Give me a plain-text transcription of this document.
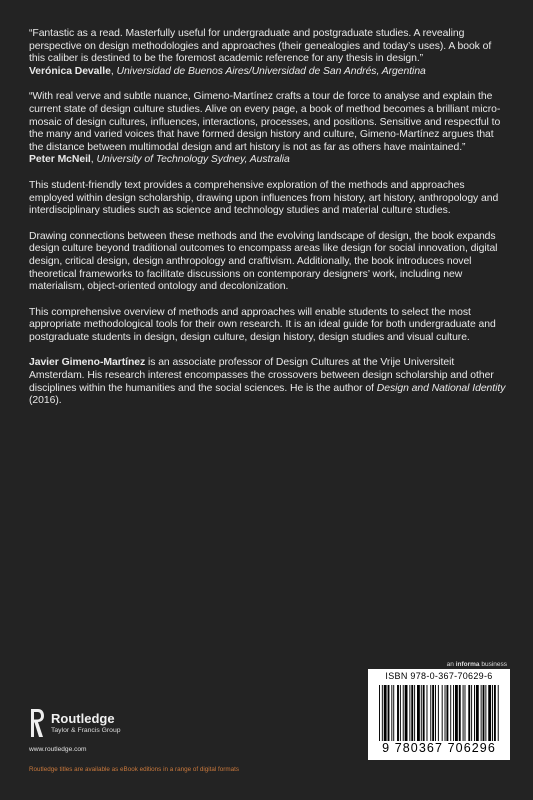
“Fantastic as a read. Masterfully useful for undergraduate and postgraduate studies. A revealing perspective on design methodologies and approaches (their genealogies and today’s uses). A book of this caliber is destined to be the foremost academic reference for any thesis in design.”
Verónica Devalle, Universidad de Buenos Aires/Universidad de San Andrés, Argentina

“With real verve and subtle nuance, Gimeno-Martínez crafts a tour de force to analyse and explain the current state of design culture studies. Alive on every page, a book of method becomes a brilliant micro-mosaic of design cultures, influences, interactions, processes, and positions. Sensitive and respectful to the many and varied voices that have formed design history and culture, Gimeno-Martínez argues that the distance between multimodal design and art history is not as far as others have maintained.”
Peter McNeil, University of Technology Sydney, Australia

This student-friendly text provides a comprehensive exploration of the methods and approaches employed within design scholarship, drawing upon influences from history, art history, anthropology and interdisciplinary studies such as science and technology studies and material culture studies.

Drawing connections between these methods and the evolving landscape of design, the book expands design culture beyond traditional outcomes to encompass areas like design for social innovation, digital design, critical design, design anthropology and craftivism. Additionally, the book introduces novel theoretical frameworks to facilitate discussions on contemporary designers’ work, including new materialism, object-oriented ontology and decolonization.

This comprehensive overview of methods and approaches will enable students to select the most appropriate methodological tools for their own research. It is an ideal guide for both undergraduate and postgraduate students in design, design culture, design history, design studies and visual culture.

Javier Gimeno-Martínez is an associate professor of Design Cultures at the Vrije Universiteit Amsterdam. His research interest encompasses the crossovers between design scholarship and other disciplines within the humanities and the social sciences. He is the author of Design and National Identity (2016).

an informa business
Routledge
Taylor & Francis Group
www.routledge.com
Routledge titles are available as eBook editions in a range of digital formats
ISBN 978-0-367-70629-6
9 780367 706296
